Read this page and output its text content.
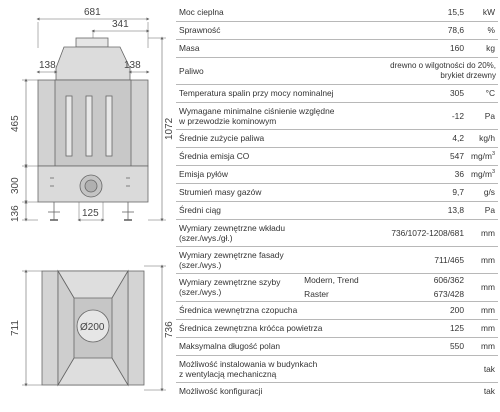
681
341
138	138
465
300
136
1072
125
711	736
Ø200
Moc cieplna		15,5	kW
Sprawność		78,6	%
Masa		160	kg
Paliwo		drewno o wilgotności do 20%,
brykiet drzewny	

Temperatura spalin przy mocy nominalnej		305	°C

Wymagane minimalne ciśnienie względne
w przewodzie kominowym		-12	Pa
Średnie zużycie paliwa		4,2	kg/h
Średnia emisja CO		547	$mg/m^3$
Emisja pyłów		36	$mg/m^3$
Strumień masy gazów		9,7	g/s
Średni ciąg		13,8	Pa

Wymiary zewnętrzne wkładu
(szer./wys./gł.)		736/1072-1208/681	mm

Wymiary zewnętrzne fasady
(szer./wys.)		711/465	mm

Wymiary zewnętrzne szyby
(szer./wys.)	Modern, Trend	606/362	mm
	Raster	673/428	
Średnica wewnętrzna czopucha		200	mm
Średnica zewnętrzna króćca powietrza		125	mm
Maksymalna długość polan		550	mm

Możliwość instalowania w budynkach
z wentylacją mechaniczną			tak
Możliwość konfiguracji			tak
